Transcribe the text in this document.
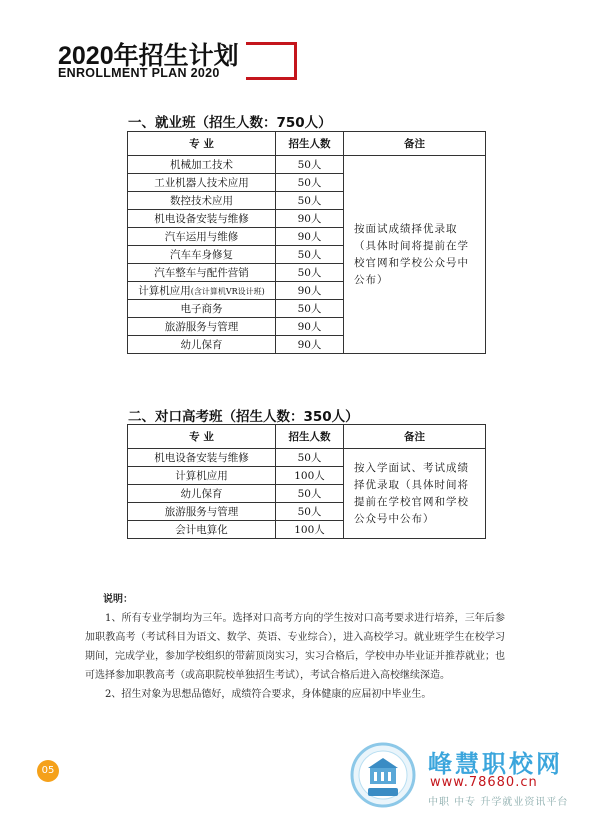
2020年招生计划
ENROLLMENT PLAN 2020
一、就业班（招生人数：750人）
专 业	招生人数	备注
机械加工技术	50人	按面试成绩择优录取（具体时间将提前在学校官网和学校公众号中公布）
工业机器人技术应用	50人	
数控技术应用	50人	
机电设备安装与维修	90人	
汽车运用与维修	90人	
汽车车身修复	50人	
汽车整车与配件营销	50人	
计算机应用(含计算机VR设计班)	90人	
电子商务	50人	
旅游服务与管理	90人	
幼儿保育	90人	
二、对口高考班（招生人数：350人）
专 业	招生人数	备注
机电设备安装与维修	50人	按入学面试、考试成绩择优录取（具体时间将提前在学校官网和学校公众号中公布）
计算机应用	100人	
幼儿保育	50人	
旅游服务与管理	50人	
会计电算化	100人	
说明：

1、所有专业学制均为三年。选择对口高考方向的学生按对口高考要求进行培养，三年后参加职教高考（考试科目为语文、数学、英语、专业综合），进入高校学习。就业班学生在校学习期间，完成学业，参加学校组织的带薪顶岗实习，实习合格后，学校申办毕业证并推荐就业；也可选择参加职教高考（或高职院校单独招生考试），考试合格后进入高校继续深造。

2、招生对象为思想品德好，成绩符合要求，身体健康的应届初中毕业生。

05	峰慧职校网
www.78680.cn
中职 中专 升学就业资讯平台
